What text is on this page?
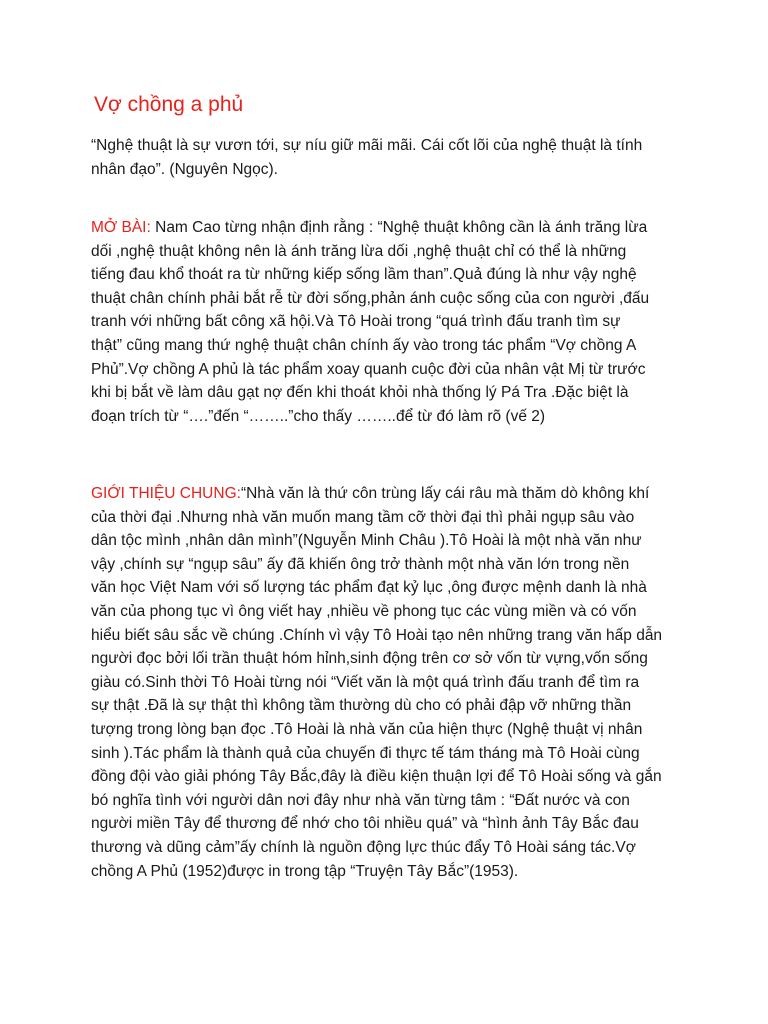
Vợ chồng a phủ
“Nghệ thuật là sự vươn tới, sự níu giữ mãi mãi. Cái cốt lõi của nghệ thuật là tính
nhân đạo”. (Nguyên Ngọc).
MỞ BÀI: Nam Cao từng nhận định rằng : “Nghệ thuật không cần là ánh trăng lừa
dối ,nghệ thuật không nên là ánh trăng lừa dối ,nghệ thuật chỉ có thể là những
tiếng đau khổ thoát ra từ những kiếp sống lầm than”.Quả đúng là như vậy nghệ
thuật chân chính phải bắt rễ từ đời sống,phản ánh cuộc sống của con người ,đấu
tranh với những bất công xã hội.Và Tô Hoài trong “quá trình đấu tranh tìm sự
thật” cũng mang thứ nghệ thuật chân chính ấy vào trong tác phẩm “Vợ chồng A
Phủ”.Vợ chồng A phủ là tác phẩm xoay quanh cuộc đời của nhân vật Mị từ trước
khi bị bắt về làm dâu gạt nợ đến khi thoát khỏi nhà thống lý Pá Tra .Đặc biệt là
đoạn trích từ “….”đến “……..”cho thấy ……..để từ đó làm rõ (vế 2)
GIỚI THIỆU CHUNG:“Nhà văn là thứ côn trùng lấy cái râu mà thăm dò không khí
của thời đại .Nhưng nhà văn muốn mang tầm cỡ thời đại thì phải ngụp sâu vào
dân tộc mình ,nhân dân mình”(Nguyễn Minh Châu ).Tô Hoài là một nhà văn như
vậy ,chính sự “ngụp sâu” ấy đã khiến ông trở thành một nhà văn lớn trong nền
văn học Việt Nam với số lượng tác phẩm đạt kỷ lục ,ông được mệnh danh là nhà
văn của phong tục vì ông viết hay ,nhiều về phong tục các vùng miền và có vốn
hiểu biết sâu sắc về chúng .Chính vì vậy Tô Hoài tạo nên những trang văn hấp dẫn
người đọc bởi lối trần thuật hóm hỉnh,sinh động trên cơ sở vốn từ vựng,vốn sống
giàu có.Sinh thời Tô Hoài từng nói “Viết văn là một quá trình đấu tranh để tìm ra
sự thật .Đã là sự thật thì không tầm thường dù cho có phải đập vỡ những thần
tượng trong lòng bạn đọc .Tô Hoài là nhà văn của hiện thực (Nghệ thuật vị nhân
sinh ).Tác phẩm là thành quả của chuyến đi thực tế tám tháng mà Tô Hoài cùng
đồng đội vào giải phóng Tây Bắc,đây là điều kiện thuận lợi để Tô Hoài sống và gắn
bó nghĩa tình với người dân nơi đây như nhà văn từng tâm : “Đất nước và con
người miền Tây để thương để nhớ cho tôi nhiều quá” và “hình ảnh Tây Bắc đau
thương và dũng cảm”ấy chính là nguồn động lực thúc đẩy Tô Hoài sáng tác.Vợ
chồng A Phủ (1952)được in trong tập “Truyện Tây Bắc”(1953).
